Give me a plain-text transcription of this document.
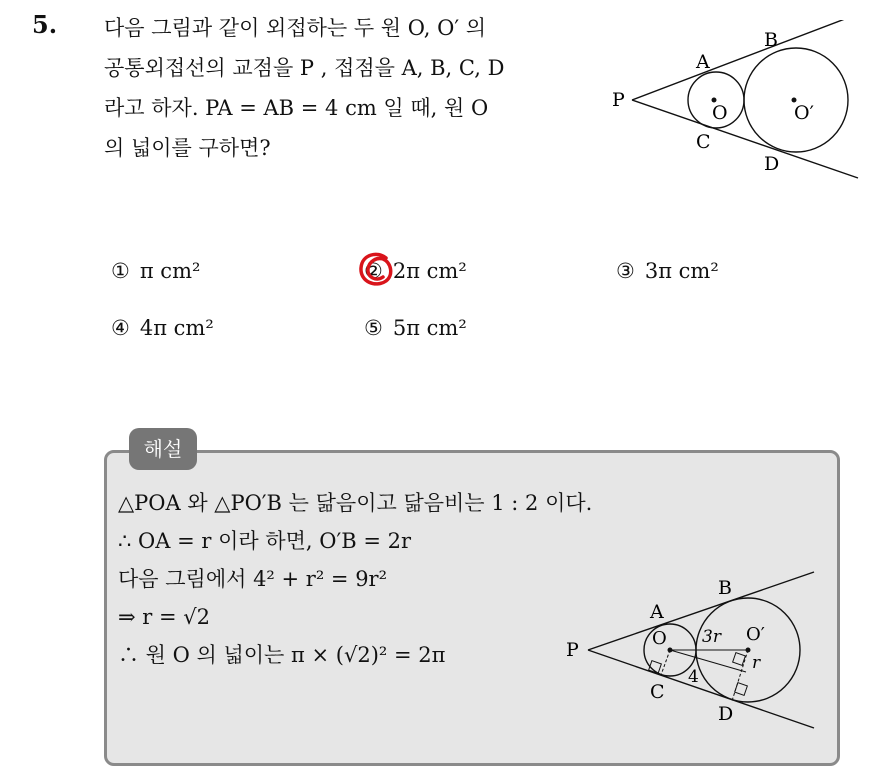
5. 다음 그림과 같이 외접하는 두 원 O, O′ 의
공통외접선의 교점을 P , 접점을 A, B, C, D
라고 하자. PA = AB = 4 cm 일 때, 원 O
의 넓이를 구하면?
P
A
B
C
D
O	O′
① π cm²	② 2π cm²	③ 3π cm²
④ 4π cm²	⑤ 5π cm²
해설
△POA 와 △PO′B 는 닮음이고 닮음비는 1 : 2 이다.
∴ OA = r 이라 하면, O′B = 2r
다음 그림에서 4² + r² = 9r²
⇒ r = √2
∴ 원 O 의 넓이는 π × (√2)² = 2π	P
A
B
C
D
O	O′
3r
r
4
